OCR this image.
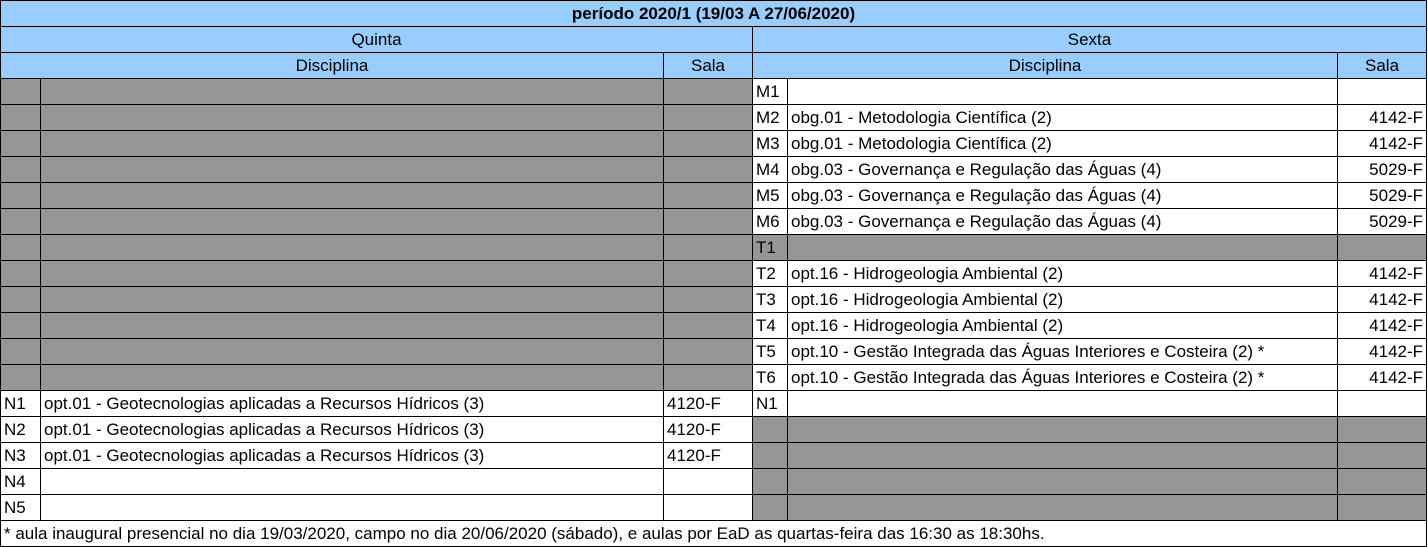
período 2020/1 (19/03 A 27/06/2020)					
Quinta			Sexta		
Disciplina		Sala	Disciplina		Sala
			M1		
			M2	obg.01 - Metodologia Científica (2)	4142-F
			M3	obg.01 - Metodologia Científica (2)	4142-F
			M4	obg.03 - Governança e Regulação das Águas (4)	5029-F
			M5	obg.03 - Governança e Regulação das Águas (4)	5029-F
			M6	obg.03 - Governança e Regulação das Águas (4)	5029-F
			T1		
			T2	opt.16 - Hidrogeologia Ambiental (2)	4142-F
			T3	opt.16 - Hidrogeologia Ambiental (2)	4142-F
			T4	opt.16 - Hidrogeologia Ambiental (2)	4142-F
			T5	opt.10 - Gestão Integrada das Águas Interiores e Costeira (2) *	4142-F
			T6	opt.10 - Gestão Integrada das Águas Interiores e Costeira (2) *	4142-F
N1	opt.01 - Geotecnologias aplicadas a Recursos Hídricos (3)	4120-F	N1		
N2	opt.01 - Geotecnologias aplicadas a Recursos Hídricos (3)	4120-F			
N3	opt.01 - Geotecnologias aplicadas a Recursos Hídricos (3)	4120-F			
N4					
N5					
* aula inaugural presencial no dia 19/03/2020, campo no dia 20/06/2020 (sábado), e aulas por EaD as quartas-feira das 16:30 as 18:30hs.					
